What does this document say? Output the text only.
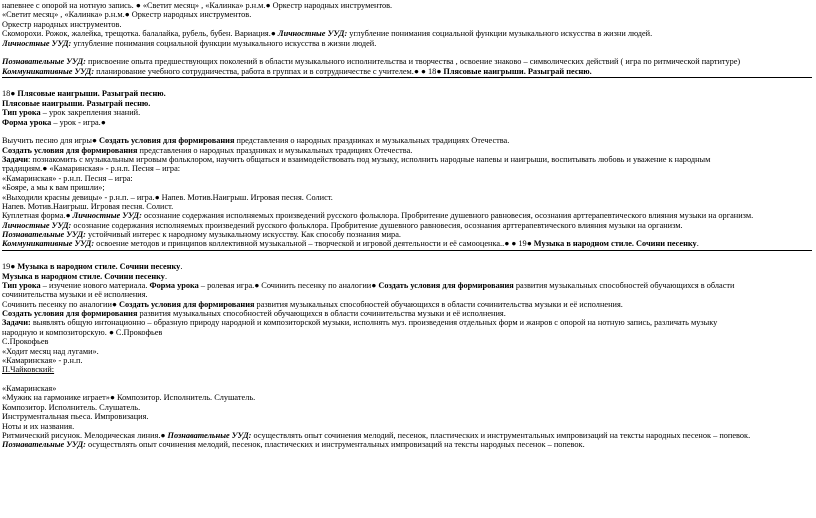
напевнее с опорой на нотную запись. ● «Светит месяц» , «Калинка» р.н.м.● Оркестр народных инструментов.
«Светит месяц» , «Калинка» р.н.м.● Оркестр народных инструментов.
Оркестр народных инструментов.
Скоморохи. Рожок, жалейка, трещотка. балалайка, рубель, бубен. Вариация.● Личностные УУД: углубление понимания социальной функции музыкального искусства в жизни людей.
Личностные УУД: углубление понимания социальной функции музыкального искусства в жизни людей.
Познавательные УУД: присвоение опыта предшествующих поколений в области музыкального исполнительства и творчества , освоение знаково – символических действий ( игра по ритмической партитуре)
Коммуникативные УУД: планирование учебного сотрудничества, работа в группах и в сотрудничестве с учителем.● ● 18● Плясовые наигрыши. Разыграй песню.
18● Плясовые наигрыши. Разыграй песню.
Плясовые наигрыши. Разыграй песню.
Тип урока – урок закрепления знаний.
Форма урока – урок - игра.●
Выучить песню для игры● Создать условия для формирования представления о народных праздниках и музыкальных традициях Отечества.
Создать условия для формирования представления о народных праздниках и музыкальных традициях Отечества.
Задачи: познакомить с музыкальным игровым фольклором, научить общаться и взаимодействовать под музыку, исполнить народные напевы и наигрыши, воспитывать любовь и уважение к народным
традициям.● «Камаринская» - р.н.п. Песня – игра:
«Камаринская» - р.н.п. Песня – игра:
«Бояре, а мы к вам пришли»;
«Выходили красны девицы» - р.н.п. – игра.● Напев. Мотив.Наигрыш. Игровая песня. Солист.
Напев. Мотив.Наигрыш. Игровая песня. Солист.
Куплетная форма.● Личностные УУД: осознание содержания исполняемых произведений русского фольклора. Пробритение душевного равновесия, осознания арттерапевтического влияния музыки на организм.
Личностные УУД: осознание содержания исполняемых произведений русского фольклора. Пробритение душевного равновесия, осознания арттерапевтического влияния музыки на организм.
Познавательные УУД: устойчивый интерес к народному музыкальному искусству. Как способу познания мира.
Коммуникативные УУД: освоение методов и принципов коллективной музыкальной – творческой и игровой деятельности и её самооценка..● ● 19● Музыка в народном стиле. Сочини песенку.
19● Музыка в народном стиле. Сочини песенку.
Музыка в народном стиле. Сочини песенку.
Тип урока – изучение нового материала. Форма урока – ролевая игра.● Сочинить песенку по аналогии● Создать условия для формирования развития музыкальных способностей обучающихся в области
сочинительства музыки и её исполнения.
Сочинить песенку по аналогии● Создать условия для формирования развития музыкальных способностей обучающихся в области сочинительства музыки и её исполнения.
Создать условия для формирования развития музыкальных способностей обучающихся в области сочинительства музыки и её исполнения.
Задачи: выявлять общую интонационно – образную природу народной и композиторской музыки, исполнять муз. произведения отдельных форм и жанров с опорой на нотную запись, различать музыку
народную и композиторскую. ● С.Прокофьев
С.Прокофьев
«Ходит месяц над лугами».
«Камаринская» - р.н.п.
П.Чайковский:
«Камаринская»
«Мужик на гармонике играет»● Композитор. Исполнитель. Слушатель.
Композитор. Исполнитель. Слушатель.
Инструментальная пьеса. Импровизация.
Ноты и их названия.
Ритмический рисунок. Мелодическая линия.● Познавательные УУД: осуществлять опыт сочинения мелодий, песенок, пластических и инструментальных импровизаций на тексты народных песенок – попевок.
Познавательные УУД: осуществлять опыт сочинения мелодий, песенок, пластических и инструментальных импровизаций на тексты народных песенок – попевок.
